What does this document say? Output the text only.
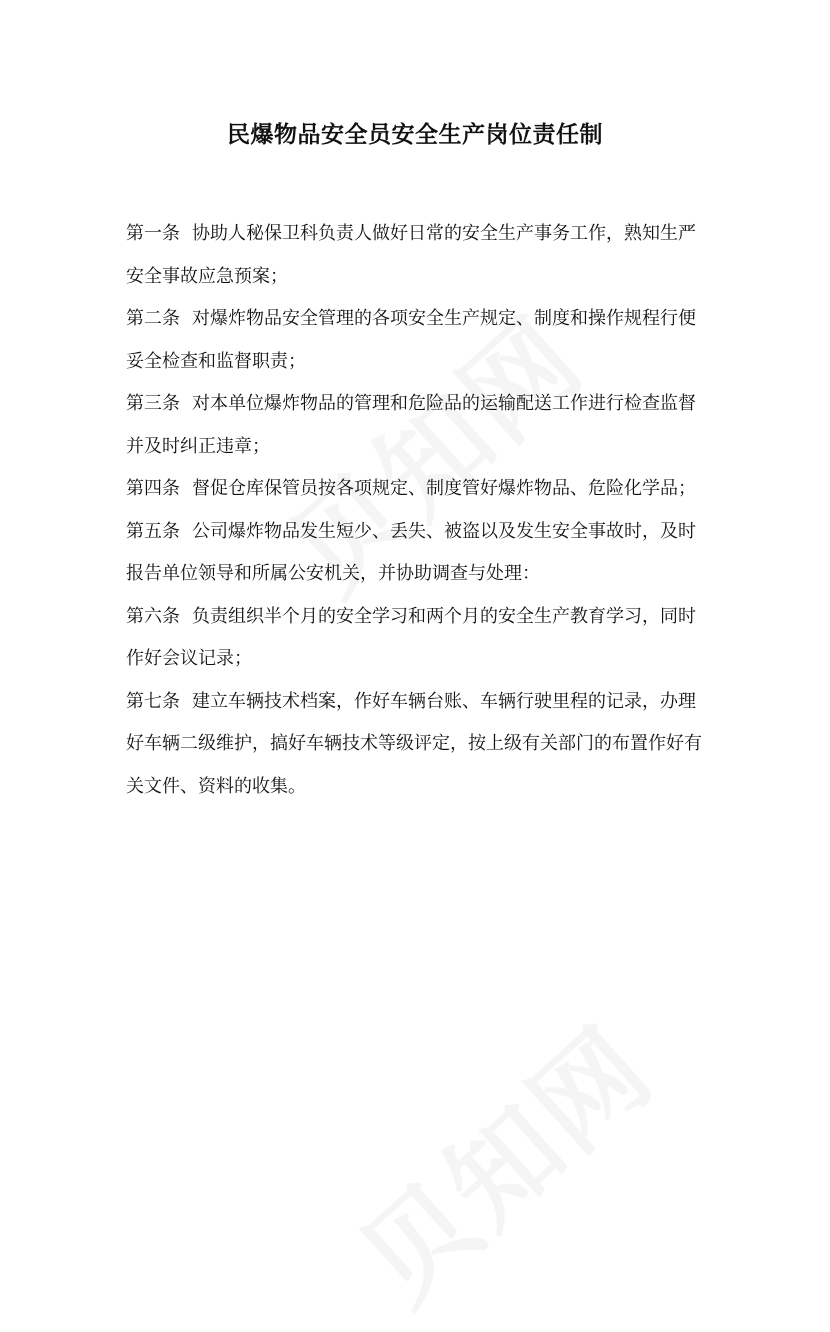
民爆物品安全员安全生产岗位责任制

第一条 协助人秘保卫科负责人做好日常的安全生产事务工作，熟知生严安全事故应急预案；

第二条 对爆炸物品安全管理的各项安全生产规定、制度和操作规程行便妥全检查和监督职责；

第三条 对本单位爆炸物品的管理和危险品的运输配送工作进行检查监督并及时纠正违章；

第四条 督促仓库保管员按各项规定、制度管好爆炸物品、危险化学品；

第五条 公司爆炸物品发生短少、丢失、被盗以及发生安全事故时，及时报告单位领导和所属公安机关，并协助调查与处理：

第六条 负责组织半个月的安全学习和两个月的安全生产教育学习，同时作好会议记录；

第七条 建立车辆技术档案，作好车辆台账、车辆行驶里程的记录，办理好车辆二级维护，搞好车辆技术等级评定，按上级有关部门的布置作好有关文件、资料的收集。
